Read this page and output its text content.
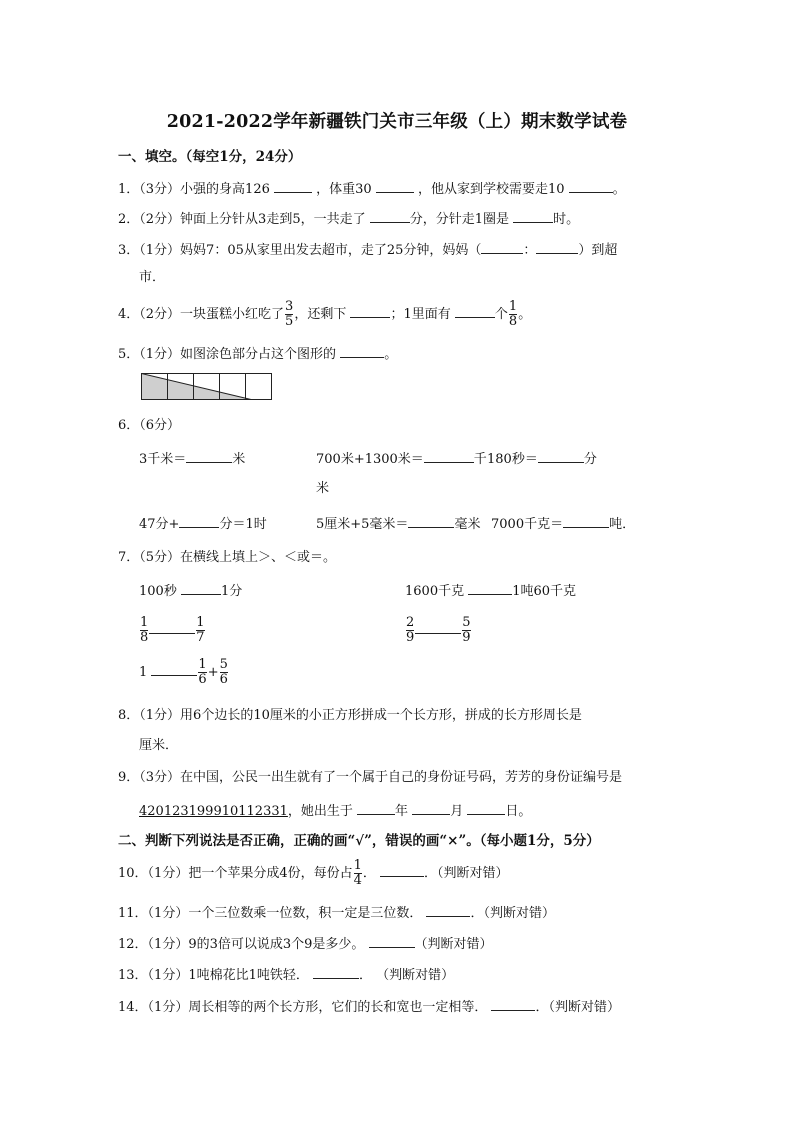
2021-2022学年新疆铁门关市三年级（上）期末数学试卷
一、填空。（每空1分，24分）
1．（3分）小强的身高126	，体重30	，他从家到学校需要走10	。
2．（2分）钟面上分针从3走到5，一共走了	分，分针走1圈是	时。
3．（1分）妈妈7：05从家里出发去超市，走了25分钟，妈妈（	：	）到超
市．
4．（2分）一块蛋糕小红吃了 $\frac{3}{5}$ ，还剩下	；1里面有	个 $\frac{1}{8}$ 。
5．（1分）如图涂色部分占这个图形的	。
6．（6分）
3千米＝	米	700米+1300米＝	千 180秒＝	分
米
47分+	分＝1时	5厘米+5毫米＝	毫米 7000千克＝	吨．
7．（5分）在横线上填上＞、＜或＝。
100秒	1分	1600千克	1吨60千克
$\frac{1}{8}$	$\frac{1}{7}$	$\frac{2}{9}$	$\frac{5}{9}$
1	$\frac{1}{6} + \frac{5}{6}$
8．（1分）用6个边长的10厘米的小正方形拼成一个长方形，拼成的长方形周长是
厘米．
9．（3分）在中国，公民一出生就有了一个属于自己的身份证号码，芳芳的身份证编号是
420123199910112331，她出生于	年	月	日。
二、判断下列说法是否正确，正确的画“√”，错误的画“×”。（每小题1分，5分）
10．（1分）把一个苹果分成4份，每份占 $\frac{1}{4}$ ．	．（判断对错）
11．（1分）一个三位数乘一位数，积一定是三位数．	．（判断对错）
12．（1分）9的3倍可以说成3个9是多少。	（判断对错）
13．（1分）1吨棉花比1吨铁轻．	． （判断对错）
14．（1分）周长相等的两个长方形，它们的长和宽也一定相等．	．（判断对错）
